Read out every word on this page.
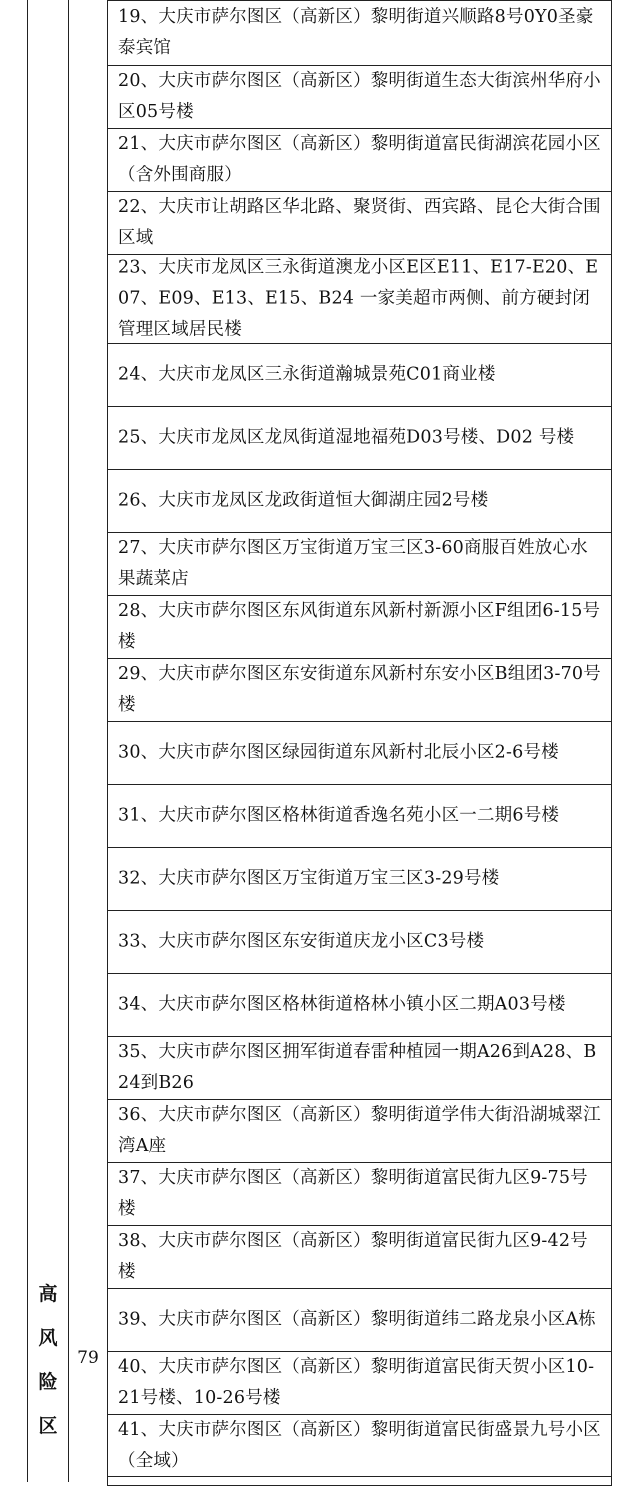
高
风
险
区
79
19、大庆市萨尔图区（高新区）黎明街道兴顺路8号0Y0圣豪泰宾馆
20、大庆市萨尔图区（高新区）黎明街道生态大街滨州华府小区05号楼
21、大庆市萨尔图区（高新区）黎明街道富民街湖滨花园小区（含外围商服）
22、大庆市让胡路区华北路、聚贤街、西宾路、昆仑大街合围区域
23、大庆市龙凤区三永街道澳龙小区E区E11、E17-E20、E07、E09、E13、E15、B24 一家美超市两侧、前方硬封闭管理区域居民楼
24、大庆市龙凤区三永街道瀚城景苑C01商业楼
25、大庆市龙凤区龙凤街道湿地福苑D03号楼、D02 号楼
26、大庆市龙凤区龙政街道恒大御湖庄园2号楼
27、大庆市萨尔图区万宝街道万宝三区3-60商服百姓放心水果蔬菜店
28、大庆市萨尔图区东风街道东风新村新源小区F组团6-15号楼
29、大庆市萨尔图区东安街道东风新村东安小区B组团3-70号楼
30、大庆市萨尔图区绿园街道东风新村北辰小区2-6号楼
31、大庆市萨尔图区格林街道香逸名苑小区一二期6号楼
32、大庆市萨尔图区万宝街道万宝三区3-29号楼
33、大庆市萨尔图区东安街道庆龙小区C3号楼
34、大庆市萨尔图区格林街道格林小镇小区二期A03号楼
35、大庆市萨尔图区拥军街道春雷种植园一期A26到A28、B24到B26
36、大庆市萨尔图区（高新区）黎明街道学伟大街沿湖城翠江湾A座
37、大庆市萨尔图区（高新区）黎明街道富民街九区9-75号楼
38、大庆市萨尔图区（高新区）黎明街道富民街九区9-42号楼
39、大庆市萨尔图区（高新区）黎明街道纬二路龙泉小区A栋
40、大庆市萨尔图区（高新区）黎明街道富民街天贺小区10-21号楼、10-26号楼
41、大庆市萨尔图区（高新区）黎明街道富民街盛景九号小区（全域）
